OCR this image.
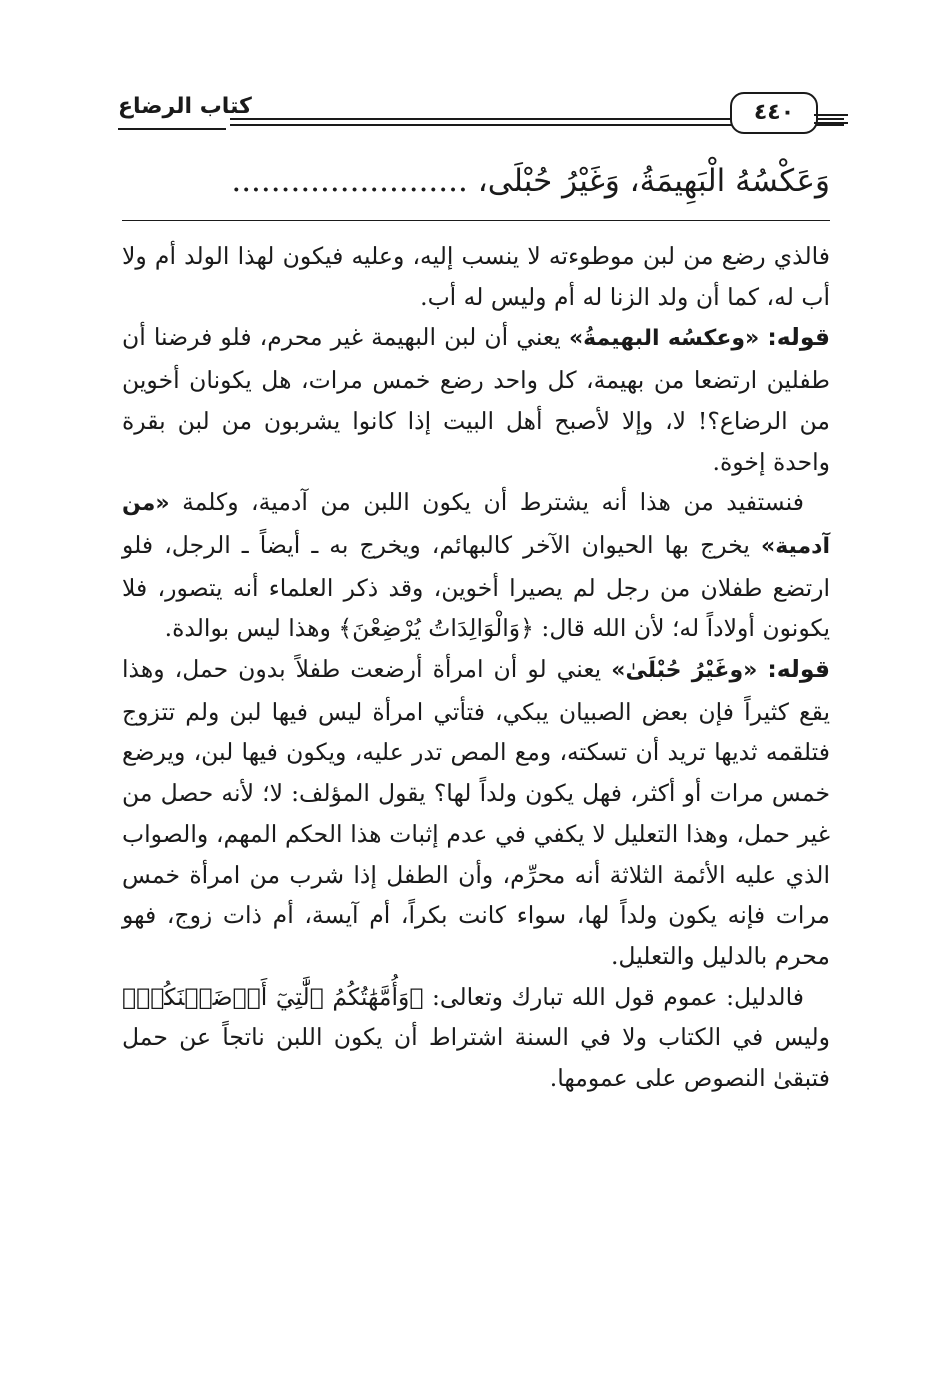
كتاب الرضاع	٤٤٠
وَعَكْسُهُ الْبَهِيمَةُ، وَغَيْرُ حُبْلَى، ........................

فالذي رضع من لبن موطوءته لا ينسب إليه، وعليه فيكون لهذا الولد أم ولا أب له، كما أن ولد الزنا له أم وليس له أب.

قوله: «وعكسُه البهيمةُ» يعني أن لبن البهيمة غير محرم، فلو فرضنا أن طفلين ارتضعا من بهيمة، كل واحد رضع خمس مرات، هل يكونان أخوين من الرضاع؟! لا، وإلا لأصبح أهل البيت إذا كانوا يشربون من لبن بقرة واحدة إخوة.

فنستفيد من هذا أنه يشترط أن يكون اللبن من آدمية، وكلمة «من آدمية» يخرج بها الحيوان الآخر كالبهائم، ويخرج به ـ أيضاً ـ الرجل، فلو ارتضع طفلان من رجل لم يصيرا أخوين، وقد ذكر العلماء أنه يتصور، فلا يكونون أولاداً له؛ لأن الله قال: ﴿وَالْوَالِدَاتُ يُرْضِعْنَ﴾ وهذا ليس بوالدة.

قوله: «وغَيْرُ حُبْلَىٰ» يعني لو أن امرأة أرضعت طفلاً بدون حمل، وهذا يقع كثيراً فإن بعض الصبيان يبكي، فتأتي امرأة ليس فيها لبن ولم تتزوج فتلقمه ثديها تريد أن تسكته، ومع المص تدر عليه، ويكون فيها لبن، ويرضع خمس مرات أو أكثر، فهل يكون ولداً لها؟ يقول المؤلف: لا؛ لأنه حصل من غير حمل، وهذا التعليل لا يكفي في عدم إثبات هذا الحكم المهم، والصواب الذي عليه الأئمة الثلاثة أنه محرِّم، وأن الطفل إذا شرب من امرأة خمس مرات فإنه يكون ولداً لها، سواء كانت بكراً، أم آيسة، أم ذات زوج، فهو محرم بالدليل والتعليل.

فالدليل: عموم قول الله تبارك وتعالى: ﴿وَأُمَّهَٰتُكُمُ ٱلَّٰتِيٓ أَرۡضَعۡنَكُمۡ﴾ وليس في الكتاب ولا في السنة اشتراط أن يكون اللبن ناتجاً عن حمل فتبقىٰ النصوص على عمومها.
